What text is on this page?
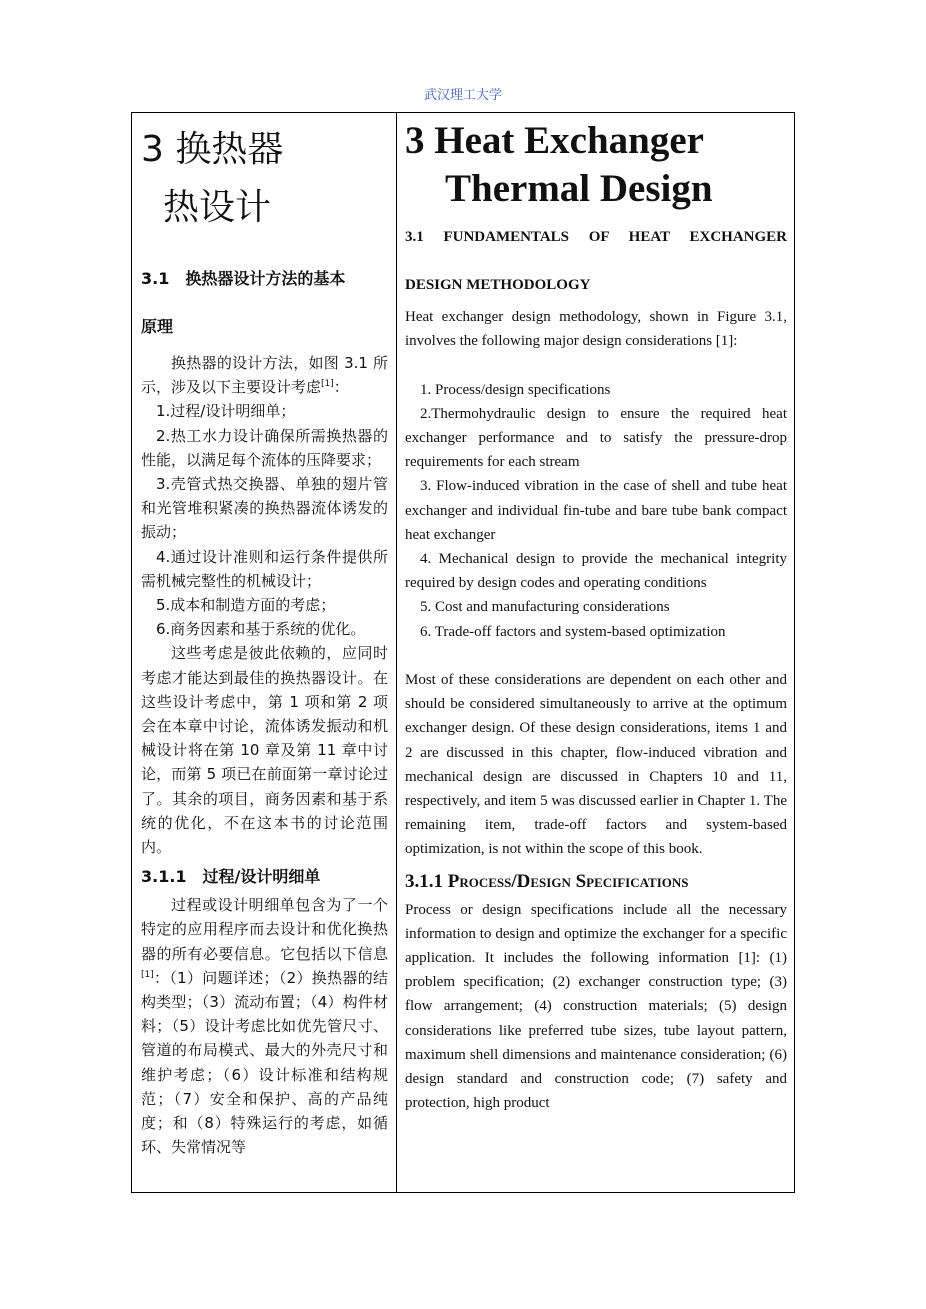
武汉理工大学
3 换热器
热设计
3.1　换热器设计方法的基本
原理

换热器的设计方法，如图 3.1 所示，涉及以下主要设计考虑[1]：

1.过程/设计明细单；

2.热工水力设计确保所需换热器的性能，以满足每个流体的压降要求；

3.壳管式热交换器、单独的翅片管和光管堆积紧凑的换热器流体诱发的振动；

4.通过设计准则和运行条件提供所需机械完整性的机械设计；

5.成本和制造方面的考虑；

6.商务因素和基于系统的优化。

这些考虑是彼此依赖的，应同时考虑才能达到最佳的换热器设计。在这些设计考虑中，第 1 项和第 2 项会在本章中讨论，流体诱发振动和机械设计将在第 10 章及第 11 章中讨论，而第 5 项已在前面第一章讨论过了。其余的项目，商务因素和基于系统的优化，不在这本书的讨论范围内。

3.1.1　过程/设计明细单

过程或设计明细单包含为了一个特定的应用程序而去设计和优化换热器的所有必要信息。它包括以下信息[1]：（1）问题详述；（2）换热器的结构类型；（3）流动布置；（4）构件材料；（5）设计考虑比如优先管尺寸、管道的布局模式、最大的外壳尺寸和维护考虑；（6）设计标准和结构规范；（7）安全和保护、高的产品纯度；和（8）特殊运行的考虑，如循环、失常情况等

3 Heat Exchanger
Thermal Design
3.1 FUNDAMENTALS OF HEAT EXCHANGER
DESIGN METHODOLOGY

Heat exchanger design methodology, shown in Figure 3.1, involves the following major design considerations [1]:

1. Process/design specifications

2.Thermohydraulic design to ensure the required heat exchanger performance and to satisfy the pressure-drop requirements for each stream

3. Flow-induced vibration in the case of shell and tube heat exchanger and individual fin-tube and bare tube bank compact heat exchanger

4. Mechanical design to provide the mechanical integrity required by design codes and operating conditions

5. Cost and manufacturing considerations

6. Trade-off factors and system-based optimization

Most of these considerations are dependent on each other and should be considered simultaneously to arrive at the optimum exchanger design. Of these design considerations, items 1 and 2 are discussed in this chapter, flow-induced vibration and mechanical design are discussed in Chapters 10 and 11, respectively, and item 5 was discussed earlier in Chapter 1. The remaining item, trade-off factors and system-based optimization, is not within the scope of this book.

3.1.1 Process/Design Specifications

Process or design specifications include all the necessary information to design and optimize the exchanger for a specific application. It includes the following information [1]: (1) problem specification; (2) exchanger construction type; (3) flow arrangement; (4) construction materials; (5) design considerations like preferred tube sizes, tube layout pattern, maximum shell dimensions and maintenance consideration; (6) design standard and construction code; (7) safety and protection, high product
